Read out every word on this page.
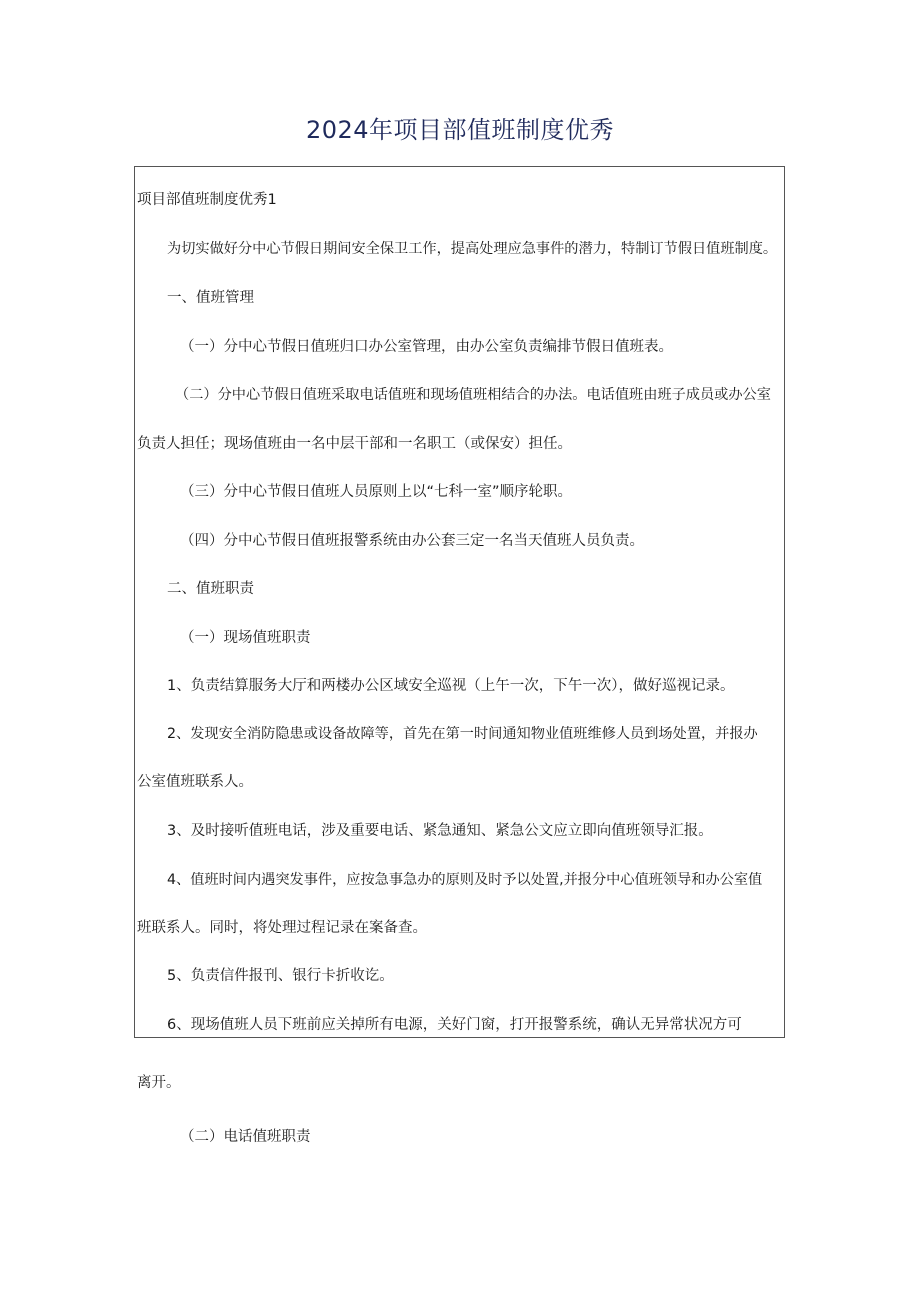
2024年项目部值班制度优秀
项目部值班制度优秀1
为切实做好分中心节假日期间安全保卫工作，提高处理应急事件的潜力，特制订节假日值班制度。
一、值班管理
（一）分中心节假日值班归口办公室管理，由办公室负责编排节假日值班表。
（二）分中心节假日值班采取电话值班和现场值班相结合的办法。电话值班由班子成员或办公室
负责人担任；现场值班由一名中层干部和一名职工（或保安）担任。
（三）分中心节假日值班人员原则上以“七科一室”顺序轮职。
（四）分中心节假日值班报警系统由办公套三定一名当天值班人员负责。
二、值班职责
（一）现场值班职责
1、负责结算服务大厅和两楼办公区域安全巡视（上午一次，下午一次），做好巡视记录。
2、发现安全消防隐患或设备故障等，首先在第一时间通知物业值班维修人员到场处置，并报办
公室值班联系人。
3、及时接听值班电话，涉及重要电话、紧急通知、紧急公文应立即向值班领导汇报。
4、值班时间内遇突发事件，应按急事急办的原则及时予以处置,并报分中心值班领导和办公室值
班联系人。同时，将处理过程记录在案备查。
5、负责信件报刊、银行卡折收讫。
6、现场值班人员下班前应关掉所有电源，关好门窗，打开报警系统，确认无异常状况方可
离开。
（二）电话值班职责
